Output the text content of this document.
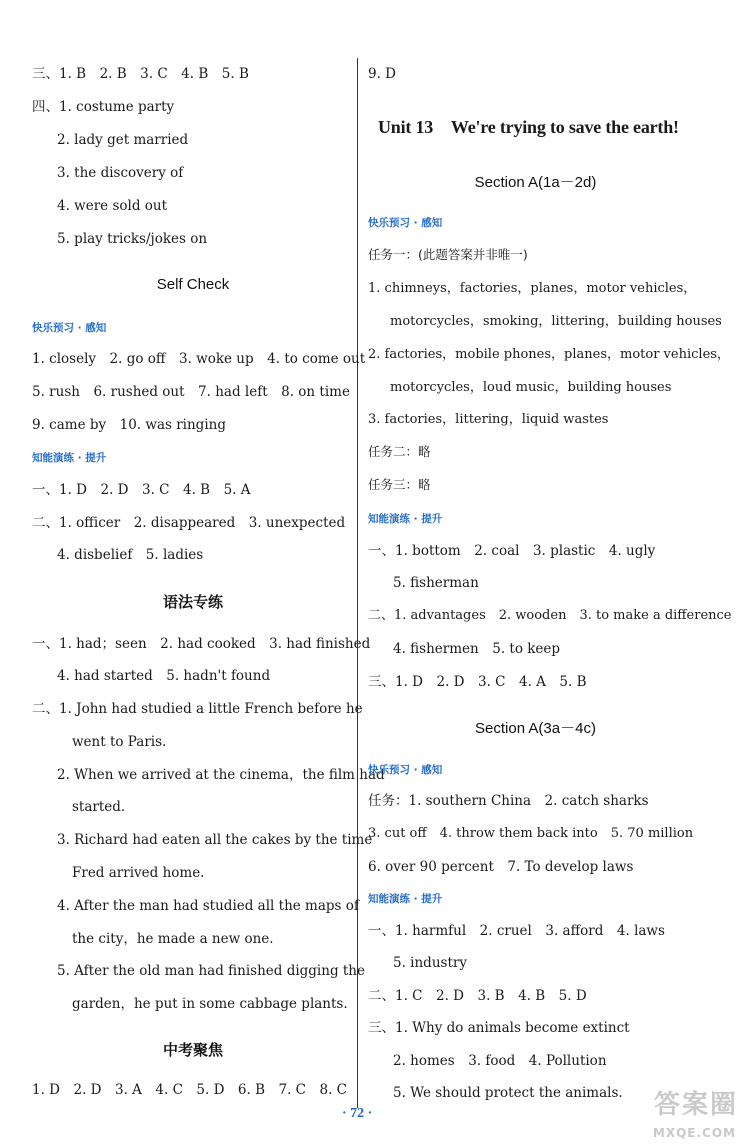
三、1. B　2. B　3. C　4. B　5. B
四、1. costume party
2. lady get married
3. the discovery of
4. were sold out
5. play tricks/jokes on
Self Check
快乐预习 · 感知
1. closely　2. go off　3. woke up　4. to come out
5. rush　6. rushed out　7. had left　8. on time
9. came by　10. was ringing
知能演练 · 提升
一、1. D　2. D　3. C　4. B　5. A
二、1. officer　2. disappeared　3. unexpected
4. disbelief　5. ladies
语法专练
一、1. had；seen　2. had cooked　3. had finished
4. had started　5. hadn't found
二、1. John had studied a little French before he
went to Paris.
2. When we arrived at the cinema，the film had
started.
3. Richard had eaten all the cakes by the time
Fred arrived home.
4. After the man had studied all the maps of
the city，he made a new one.
5. After the old man had finished digging the
garden，he put in some cabbage plants.
中考聚焦
1. D　2. D　3. A　4. C　5. D　6. B　7. C　8. C
9. D
Unit 13　We're trying to save the earth!
Section A(1a－2d)
快乐预习 · 感知
任务一：(此题答案并非唯一)
1. chimneys，factories，planes，motor vehicles，
motorcycles，smoking，littering，building houses
2. factories，mobile phones，planes，motor vehicles，
motorcycles，loud music，building houses
3. factories，littering，liquid wastes
任务二：略
任务三：略
知能演练 · 提升
一、1. bottom　2. coal　3. plastic　4. ugly
5. fisherman
二、1. advantages　2. wooden　3. to make a difference
4. fishermen　5. to keep
三、1. D　2. D　3. C　4. A　5. B
Section A(3a－4c)
快乐预习 · 感知
任务：1. southern China　2. catch sharks
3. cut off　4. throw them back into　5. 70 million
6. over 90 percent　7. To develop laws
知能演练 · 提升
一、1. harmful　2. cruel　3. afford　4. laws
5. industry
二、1. C　2. D　3. B　4. B　5. D
三、1. Why do animals become extinct
2. homes　3. food　4. Pollution
5. We should protect the animals.
· 72 ·	答案圈
MXQE.COM
